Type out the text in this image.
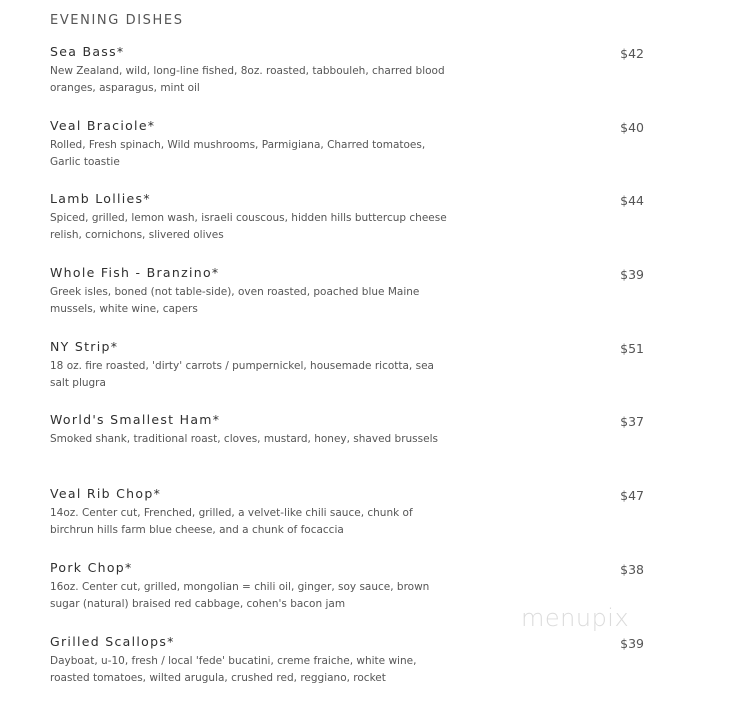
EVENING DISHES
Sea Bass*
New Zealand, wild, long-line fished, 8oz. roasted, tabbouleh, charred blood oranges, asparagus, mint oil
$42
Veal Braciole*
Rolled, Fresh spinach, Wild mushrooms, Parmigiana, Charred tomatoes, Garlic toastie
$40
Lamb Lollies*
Spiced, grilled, lemon wash, israeli couscous, hidden hills buttercup cheese relish, cornichons, slivered olives
$44
Whole Fish - Branzino*
Greek isles, boned (not table-side), oven roasted, poached blue Maine mussels, white wine, capers
$39
NY Strip*
18 oz. fire roasted, 'dirty' carrots / pumpernickel, housemade ricotta, sea salt plugra
$51
World's Smallest Ham*
Smoked shank, traditional roast, cloves, mustard, honey, shaved brussels
$37
Veal Rib Chop*
14oz. Center cut, Frenched, grilled, a velvet-like chili sauce, chunk of birchrun hills farm blue cheese, and a chunk of focaccia
$47
Pork Chop*
16oz. Center cut, grilled, mongolian = chili oil, ginger, soy sauce, brown sugar (natural) braised red cabbage, cohen's bacon jam
$38
Grilled Scallops*
Dayboat, u-10, fresh / local 'fede' bucatini, creme fraiche, white wine, roasted tomatoes, wilted arugula, crushed red, reggiano, rocket
$39
menupix
